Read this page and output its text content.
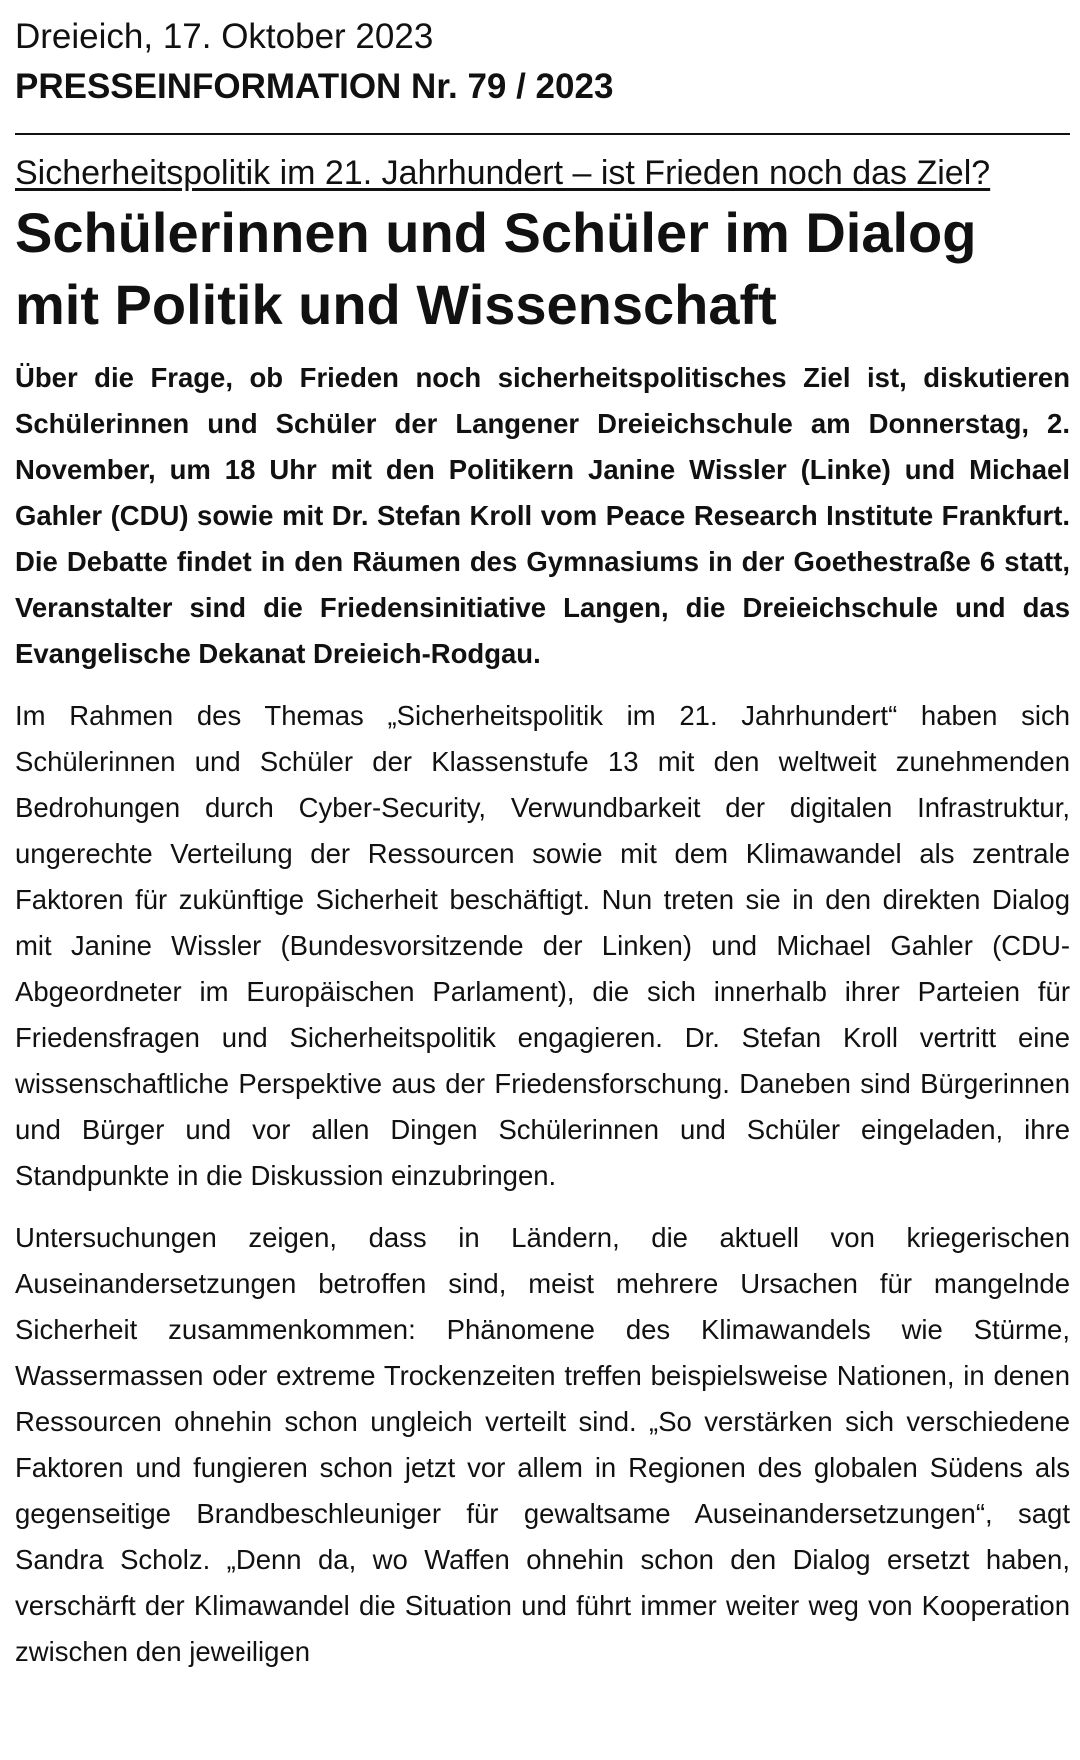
Dreieich, 17. Oktober 2023

PRESSEINFORMATION Nr. 79 / 2023

Sicherheitspolitik im 21. Jahrhundert – ist Frieden noch das Ziel?

Schülerinnen und Schüler im Dialog mit Politik und Wissenschaft

Über die Frage, ob Frieden noch sicherheitspolitisches Ziel ist, diskutieren Schülerinnen und Schüler der Langener Dreieichschule am Donnerstag, 2. November, um 18 Uhr mit den Politikern Janine Wissler (Linke) und Michael Gahler (CDU) sowie mit Dr. Stefan Kroll vom Peace Research Institute Frankfurt. Die Debatte findet in den Räumen des Gymnasiums in der Goethestraße 6 statt, Veranstalter sind die Friedensinitiative Langen, die Dreieichschule und das Evangelische Dekanat Dreieich-Rodgau.

Im Rahmen des Themas „Sicherheitspolitik im 21. Jahrhundert“ haben sich Schülerinnen und Schüler der Klassenstufe 13 mit den weltweit zunehmenden Bedrohungen durch Cyber-Security, Verwundbarkeit der digitalen Infrastruktur, ungerechte Verteilung der Ressourcen sowie mit dem Klimawandel als zentrale Faktoren für zukünftige Sicherheit beschäftigt. Nun treten sie in den direkten Dialog mit Janine Wissler (Bundesvorsitzende der Linken) und Michael Gahler (CDU-Abgeordneter im Europäischen Parlament), die sich innerhalb ihrer Parteien für Friedensfragen und Sicherheitspolitik engagieren. Dr. Stefan Kroll vertritt eine wissenschaftliche Perspektive aus der Friedensforschung. Daneben sind Bürgerinnen und Bürger und vor allen Dingen Schülerinnen und Schüler eingeladen, ihre Standpunkte in die Diskussion einzubringen.

Untersuchungen zeigen, dass in Ländern, die aktuell von kriegerischen Auseinandersetzungen betroffen sind, meist mehrere Ursachen für mangelnde Sicherheit zusammenkommen: Phänomene des Klimawandels wie Stürme, Wassermassen oder extreme Trockenzeiten treffen beispielsweise Nationen, in denen Ressourcen ohnehin schon ungleich verteilt sind. „So verstärken sich verschiedene Faktoren und fungieren schon jetzt vor allem in Regionen des globalen Südens als gegenseitige Brandbeschleuniger für gewaltsame Auseinandersetzungen“, sagt Sandra Scholz. „Denn da, wo Waffen ohnehin schon den Dialog ersetzt haben, verschärft der Klimawandel die Situation und führt immer weiter weg von Kooperation zwischen den jeweiligen
